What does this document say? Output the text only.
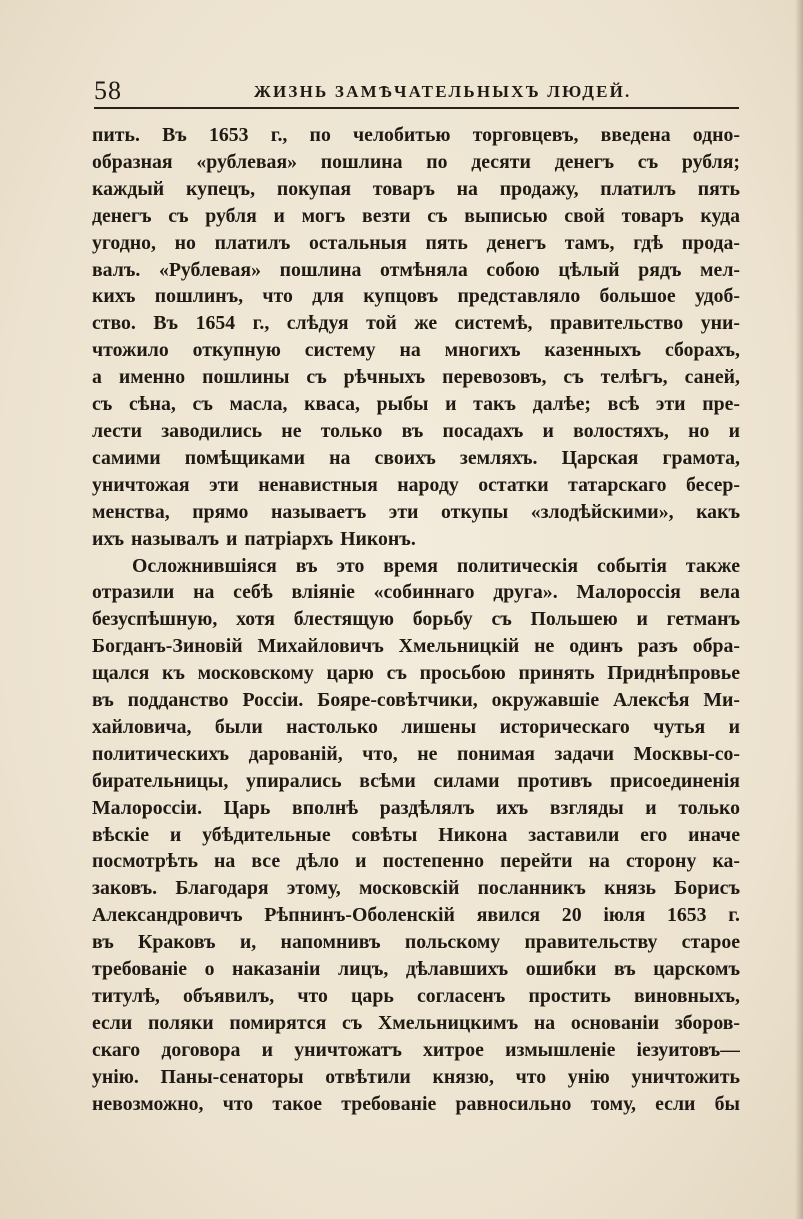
58	ЖИЗНЬ ЗАМѢЧАТЕЛЬНЫХЪ ЛЮДЕЙ.

пить. Въ 1653 г., по челобитью торговцевъ, введена одно-

образная «рублевая» пошлина по десяти денегъ съ рубля;

каждый купецъ, покупая товаръ на продажу, платилъ пять

денегъ съ рубля и могъ везти съ выписью свой товаръ куда

угодно, но платилъ остальныя пять денегъ тамъ, гдѣ прода-

валъ. «Рублевая» пошлина отмѣняла собою цѣлый рядъ мел-

кихъ пошлинъ, что для купцовъ представляло большое удоб-

ство. Въ 1654 г., слѣдуя той же системѣ, правительство уни-

чтожило откупную систему на многихъ казенныхъ сборахъ,

а именно пошлины съ рѣчныхъ перевозовъ, съ телѣгъ, саней,

съ сѣна, съ масла, кваса, рыбы и такъ далѣе; всѣ эти пре-

лести заводились не только въ посадахъ и волостяхъ, но и

самими помѣщиками на своихъ земляхъ. Царская грамота,

уничтожая эти ненавистныя народу остатки татарскаго бесер-

менства, прямо называетъ эти откупы «злодѣйскими», какъ

ихъ называлъ и патріархъ Никонъ.

Осложнившіяся въ это время политическія событія также

отразили на себѣ вліяніе «собиннаго друга». Малороссія вела

безуспѣшную, хотя блестящую борьбу съ Польшею и гетманъ

Богданъ-Зиновій Михайловичъ Хмельницкій не одинъ разъ обра-

щался къ московскому царю съ просьбою принять Приднѣпровье

въ подданство Россіи. Бояре-совѣтчики, окружавшіе Алексѣя Ми-

хайловича, были настолько лишены историческаго чутья и

политическихъ дарованій, что, не понимая задачи Москвы-со-

бирательницы, упирались всѣми силами противъ присоединенія

Малороссіи. Царь вполнѣ раздѣлялъ ихъ взгляды и только

вѣскіе и убѣдительные совѣты Никона заставили его иначе

посмотрѣть на все дѣло и постепенно перейти на сторону ка-

заковъ. Благодаря этому, московскій посланникъ князь Борисъ

Александровичъ Рѣпнинъ-Оболенскій явился 20 іюля 1653 г.

въ Краковъ и, напомнивъ польскому правительству старое

требованіе о наказаніи лицъ, дѣлавшихъ ошибки въ царскомъ

титулѣ, объявилъ, что царь согласенъ простить виновныхъ,

если поляки помирятся съ Хмельницкимъ на основаніи зборов-

скаго договора и уничтожатъ хитрое измышленіе іезуитовъ—

унію. Паны-сенаторы отвѣтили князю, что унію уничтожить

невозможно, что такое требованіе равносильно тому, если бы
